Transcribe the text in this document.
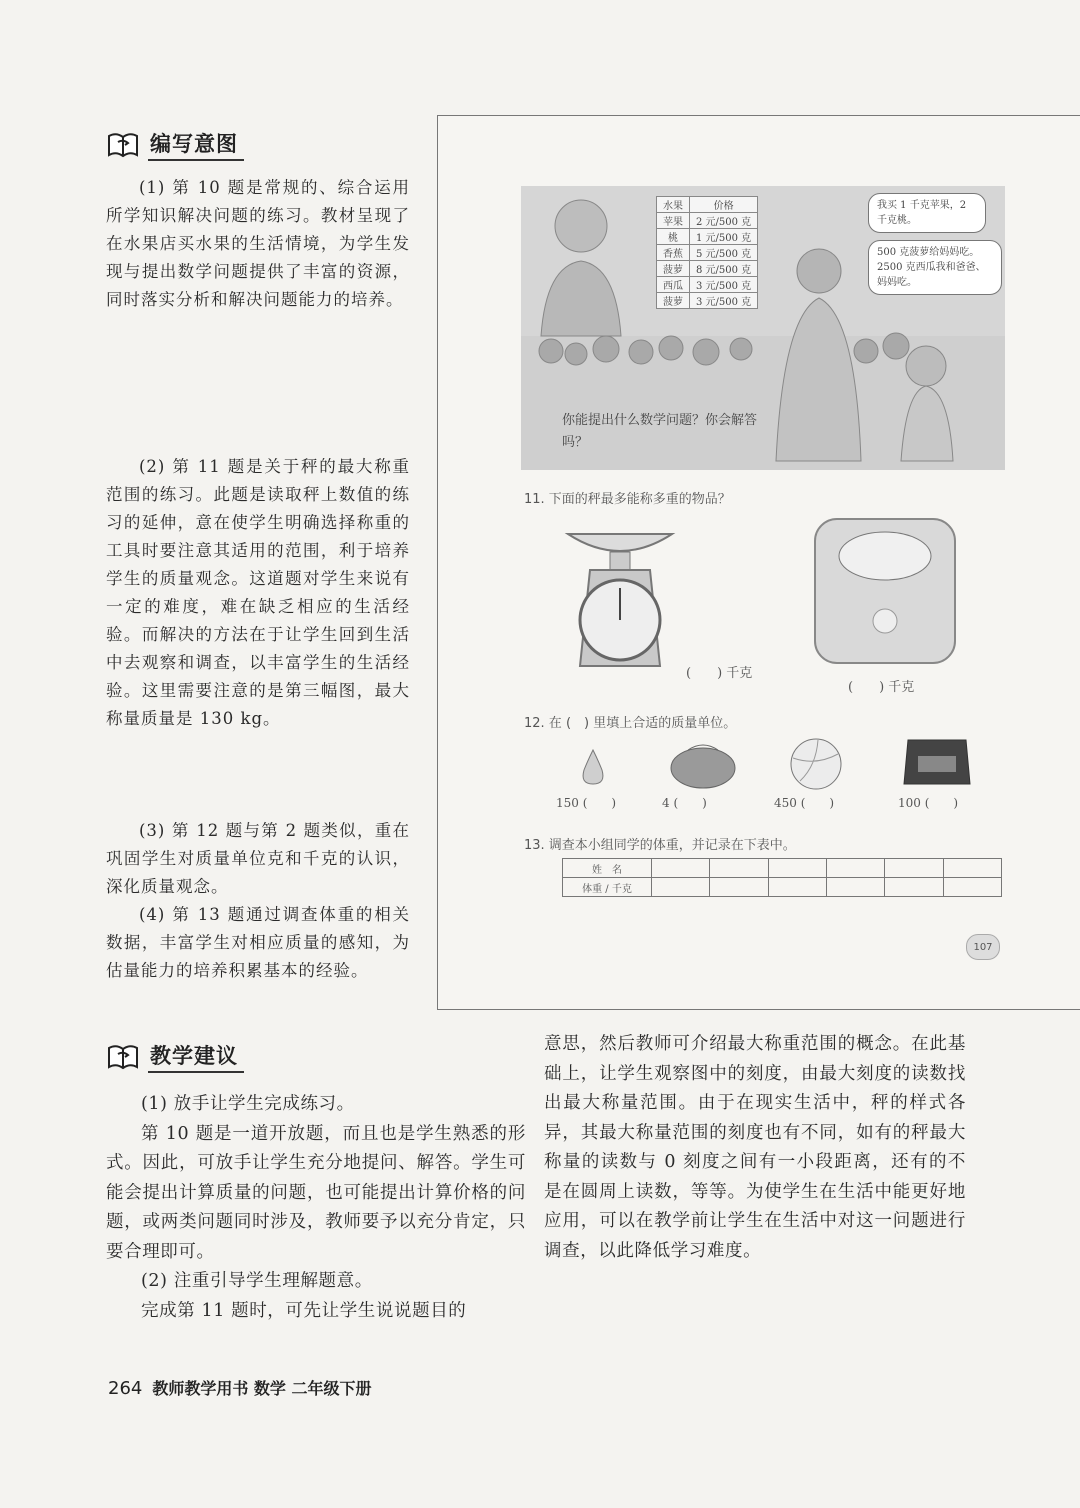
编写意图

(1) 第 10 题是常规的、综合运用所学知识解决问题的练习。教材呈现了在水果店买水果的生活情境，为学生发现与提出数学问题提供了丰富的资源，同时落实分析和解决问题能力的培养。

(2) 第 11 题是关于秤的最大称重范围的练习。此题是读取秤上数值的练习的延伸，意在使学生明确选择称重的工具时要注意其适用的范围，利于培养学生的质量观念。这道题对学生来说有一定的难度，难在缺乏相应的生活经验。而解决的方法在于让学生回到生活中去观察和调查，以丰富学生的生活经验。这里需要注意的是第三幅图，最大称量质量是 130 kg。

(3) 第 12 题与第 2 题类似，重在巩固学生对质量单位克和千克的认识，深化质量观念。

(4) 第 13 题通过调查体重的相关数据，丰富学生对相应质量的感知，为估量能力的培养积累基本的经验。

水果	价格
苹果	2 元/500 克
桃	1 元/500 克
香蕉	5 元/500 克
菠萝	8 元/500 克
西瓜	3 元/500 克
菠萝	3 元/500 克
我买 1 千克苹果，2 千克桃。
500 克菠萝给妈妈吃。2500 克西瓜我和爸爸、妈妈吃。
你能提出什么数学问题？你会解答吗？
11. 下面的秤最多能称多重的物品？
(　　) 千克
(　　) 千克
12. 在 (　) 里填上合适的质量单位。
150 (　　)	4 (　　)	450 (　　)	100 (　　)
13. 调查本小组同学的体重，并记录在下表中。
姓　名						
体重 / 千克						
107
教学建议

(1) 放手让学生完成练习。

第 10 题是一道开放题，而且也是学生熟悉的形式。因此，可放手让学生充分地提问、解答。学生可能会提出计算质量的问题，也可能提出计算价格的问题，或两类问题同时涉及，教师要予以充分肯定，只要合理即可。

(2) 注重引导学生理解题意。

完成第 11 题时，可先让学生说说题目的

意思，然后教师可介绍最大称重范围的概念。在此基础上，让学生观察图中的刻度，由最大刻度的读数找出最大称量范围。由于在现实生活中，秤的样式各异，其最大称量范围的刻度也有不同，如有的秤最大称量的读数与 0 刻度之间有一小段距离，还有的不是在圆周上读数，等等。为使学生在生活中能更好地应用，可以在教学前让学生在生活中对这一问题进行调查，以此降低学习难度。

264 教师教学用书 数学 二年级下册
